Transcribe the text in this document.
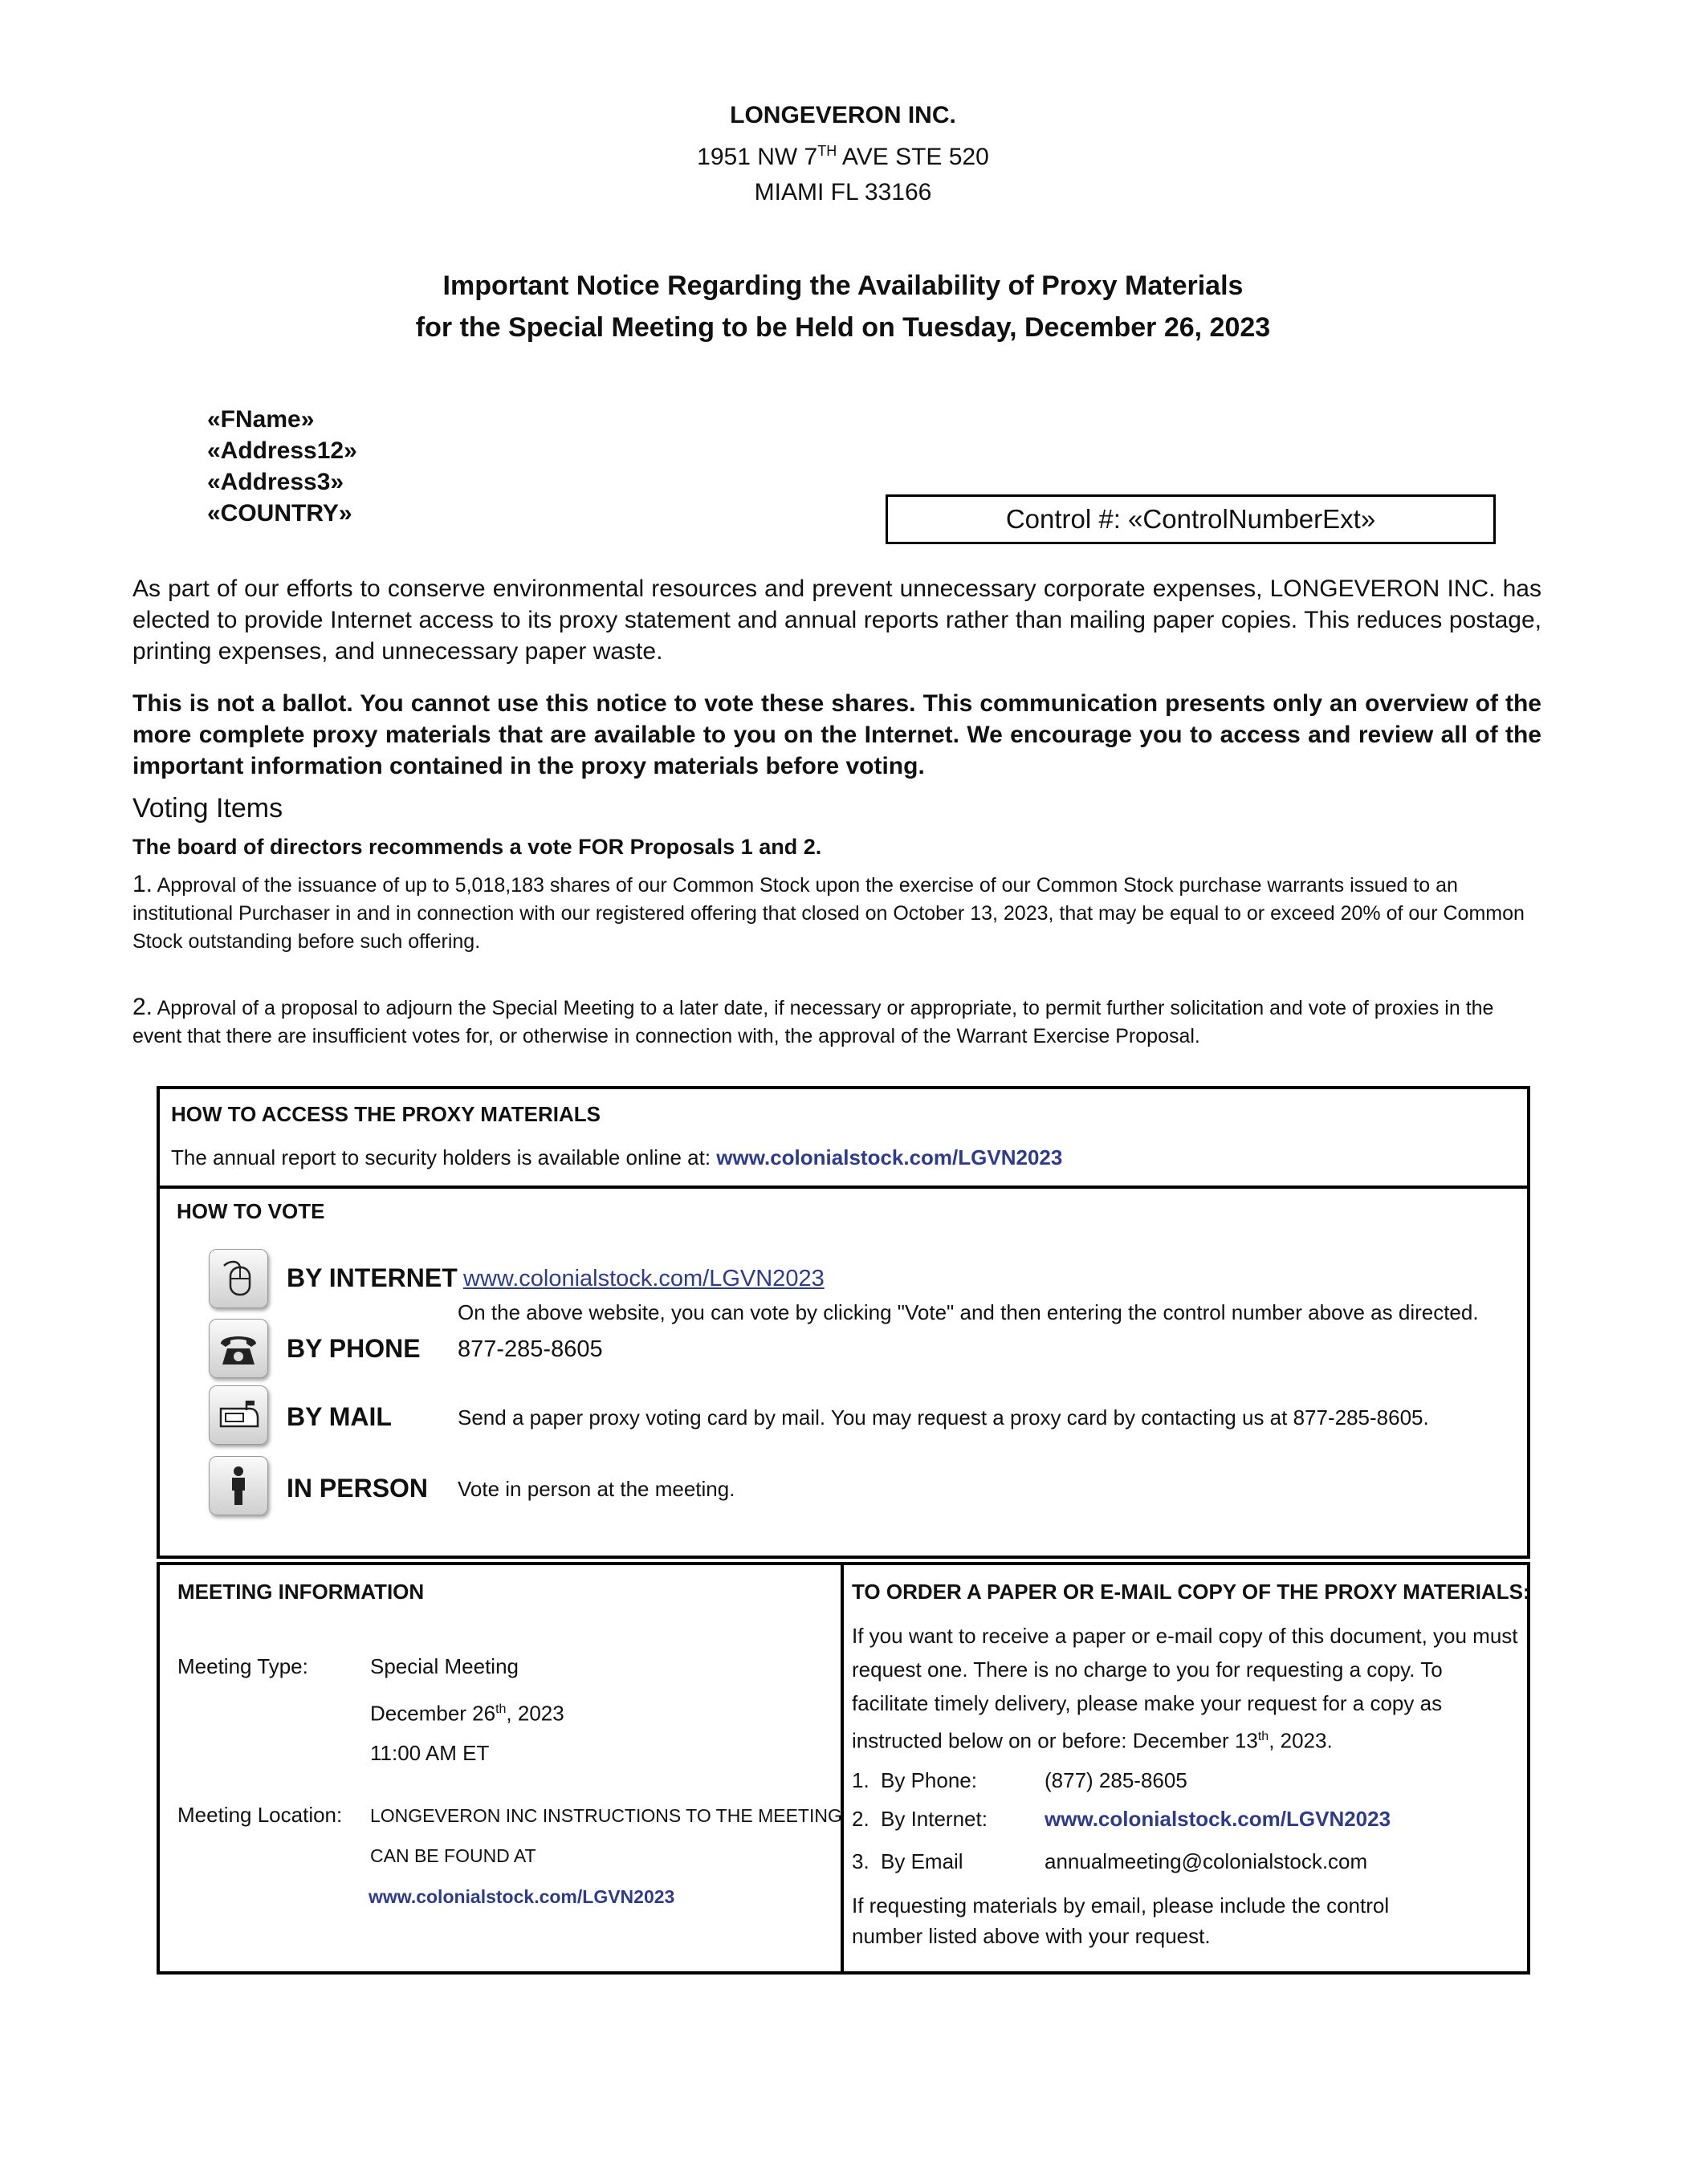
LONGEVERON INC.
1951 NW 7TH AVE STE 520
MIAMI FL 33166
Important Notice Regarding the Availability of Proxy Materials
for the Special Meeting to be Held on Tuesday, December 26, 2023
«FName»
«Address12»
«Address3»
«COUNTRY»	Control #: «ControlNumberExt»
As part of our efforts to conserve environmental resources and prevent unnecessary corporate expenses, LONGEVERON INC. has elected to provide Internet access to its proxy statement and annual reports rather than mailing paper copies. This reduces postage, printing expenses, and unnecessary paper waste.
This is not a ballot. You cannot use this notice to vote these shares. This communication presents only an overview of the more complete proxy materials that are available to you on the Internet. We encourage you to access and review all of the important information contained in the proxy materials before voting.
Voting Items
The board of directors recommends a vote FOR Proposals 1 and 2.
1. Approval of the issuance of up to 5,018,183 shares of our Common Stock upon the exercise of our Common Stock purchase warrants issued to an institutional Purchaser in and in connection with our registered offering that closed on October 13, 2023, that may be equal to or exceed 20% of our Common Stock outstanding before such offering.
2. Approval of a proposal to adjourn the Special Meeting to a later date, if necessary or appropriate, to permit further solicitation and vote of proxies in the event that there are insufficient votes for, or otherwise in connection with, the approval of the Warrant Exercise Proposal.
HOW TO ACCESS THE PROXY MATERIALS
The annual report to security holders is available online at: www.colonialstock.com/LGVN2023
HOW TO VOTE
BY INTERNET www.colonialstock.com/LGVN2023
On the above website, you can vote by clicking "Vote" and then entering the control number above as directed.
BY PHONE 877-285-8605
BY MAIL	Send a paper proxy voting card by mail. You may request a proxy card by contacting us at 877-285-8605.
IN PERSON Vote in person at the meeting.
MEETING INFORMATION
Meeting Type:	Special Meeting
December 26th, 2023
11:00 AM ET
Meeting Location: LONGEVERON INC INSTRUCTIONS TO THE MEETING
CAN BE FOUND AT
www.colonialstock.com/LGVN2023
TO ORDER A PAPER OR E-MAIL COPY OF THE PROXY MATERIALS:
If you want to receive a paper or e-mail copy of this document, you must
request one. There is no charge to you for requesting a copy. To
facilitate timely delivery, please make your request for a copy as
instructed below on or before: December 13th, 2023.
1. By Phone:	(877) 285-8605
2. By Internet:	www.colonialstock.com/LGVN2023
3. By Email	annualmeeting@colonialstock.com
If requesting materials by email, please include the control
number listed above with your request.
